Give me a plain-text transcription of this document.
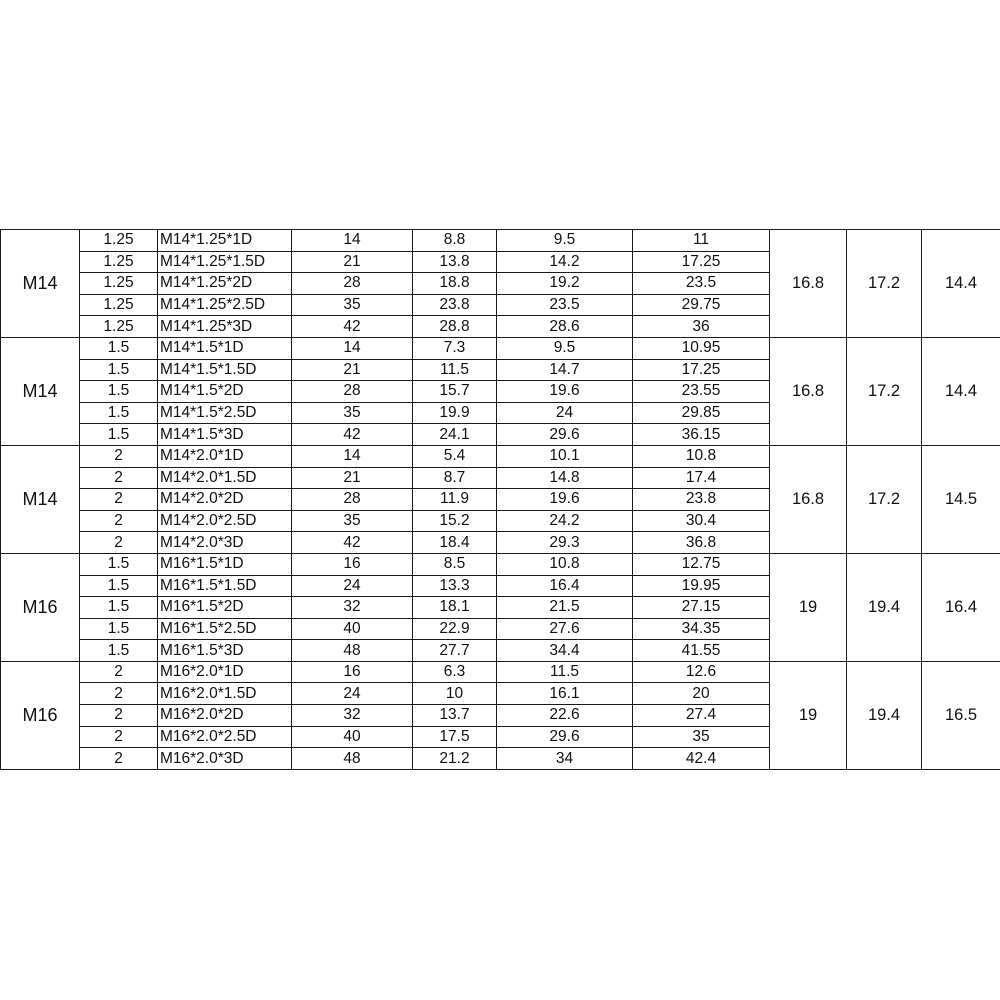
M14	1.25	M14*1.25*1D	14	8.8	9.5	11	16.8	17.2	14.4
	1.25	M14*1.25*1.5D	21	13.8	14.2	17.25			
	1.25	M14*1.25*2D	28	18.8	19.2	23.5			
	1.25	M14*1.25*2.5D	35	23.8	23.5	29.75			
	1.25	M14*1.25*3D	42	28.8	28.6	36			
M14	1.5	M14*1.5*1D	14	7.3	9.5	10.95	16.8	17.2	14.4
	1.5	M14*1.5*1.5D	21	11.5	14.7	17.25			
	1.5	M14*1.5*2D	28	15.7	19.6	23.55			
	1.5	M14*1.5*2.5D	35	19.9	24	29.85			
	1.5	M14*1.5*3D	42	24.1	29.6	36.15			
M14	2	M14*2.0*1D	14	5.4	10.1	10.8	16.8	17.2	14.5
	2	M14*2.0*1.5D	21	8.7	14.8	17.4			
	2	M14*2.0*2D	28	11.9	19.6	23.8			
	2	M14*2.0*2.5D	35	15.2	24.2	30.4			
	2	M14*2.0*3D	42	18.4	29.3	36.8			
M16	1.5	M16*1.5*1D	16	8.5	10.8	12.75	19	19.4	16.4
	1.5	M16*1.5*1.5D	24	13.3	16.4	19.95			
	1.5	M16*1.5*2D	32	18.1	21.5	27.15			
	1.5	M16*1.5*2.5D	40	22.9	27.6	34.35			
	1.5	M16*1.5*3D	48	27.7	34.4	41.55			
M16	2	M16*2.0*1D	16	6.3	11.5	12.6	19	19.4	16.5
	2	M16*2.0*1.5D	24	10	16.1	20			
	2	M16*2.0*2D	32	13.7	22.6	27.4			
	2	M16*2.0*2.5D	40	17.5	29.6	35			
	2	M16*2.0*3D	48	21.2	34	42.4			
